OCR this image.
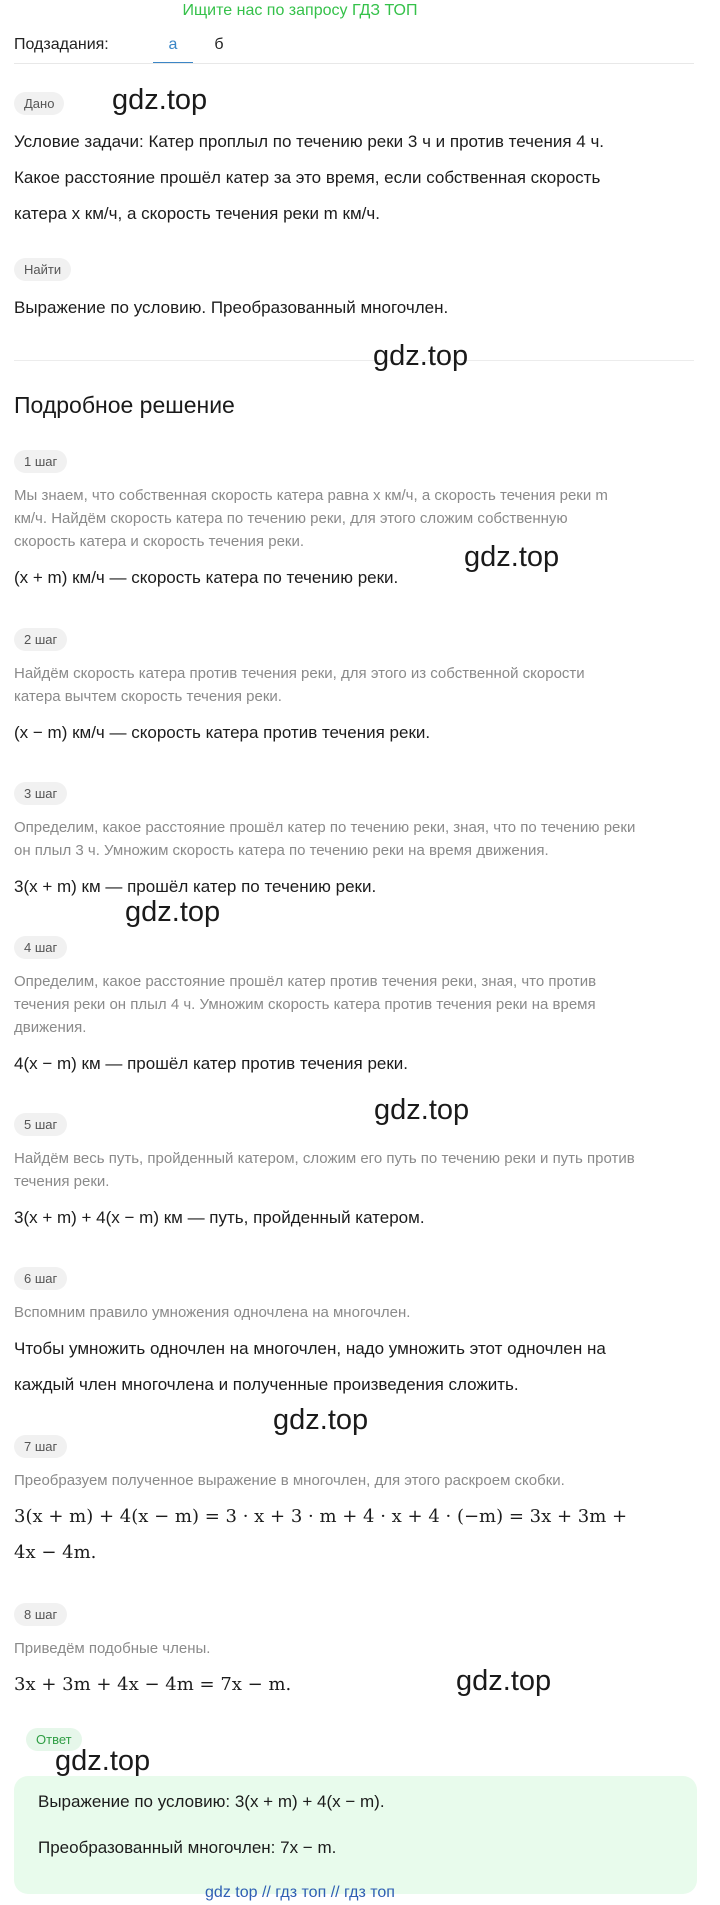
Ищите нас по запросу ГДЗ ТОП
Подзадания:	а	б
Дано
Условие задачи: Катер проплыл по течению реки 3 ч и против течения 4 ч.
Какое расстояние прошёл катер за это время, если собственная скорость
катера x км/ч, а скорость течения реки m км/ч.
Найти
Выражение по условию. Преобразованный многочлен.
Подробное решение
1 шаг
Мы знаем, что собственная скорость катера равна x км/ч, а скорость течения реки m
км/ч. Найдём скорость катера по течению реки, для этого сложим собственную
скорость катера и скорость течения реки.
(x + m) км/ч — скорость катера по течению реки.
2 шаг
Найдём скорость катера против течения реки, для этого из собственной скорости
катера вычтем скорость течения реки.
(x − m) км/ч — скорость катера против течения реки.
3 шаг
Определим, какое расстояние прошёл катер по течению реки, зная, что по течению реки
он плыл 3 ч. Умножим скорость катера по течению реки на время движения.
3(x + m) км — прошёл катер по течению реки.
4 шаг
Определим, какое расстояние прошёл катер против течения реки, зная, что против
течения реки он плыл 4 ч. Умножим скорость катера против течения реки на время
движения.
4(x − m) км — прошёл катер против течения реки.
5 шаг
Найдём весь путь, пройденный катером, сложим его путь по течению реки и путь против
течения реки.
3(x + m) + 4(x − m) км — путь, пройденный катером.
6 шаг
Вспомним правило умножения одночлена на многочлен.
Чтобы умножить одночлен на многочлен, надо умножить этот одночлен на
каждый член многочлена и полученные произведения сложить.
7 шаг
Преобразуем полученное выражение в многочлен, для этого раскроем скобки.
3(x + m) + 4(x − m) = 3 · x + 3 · m + 4 · x + 4 · (−m) = 3x + 3m +
4x − 4m.
8 шаг
Приведём подобные члены.
3x + 3m + 4x − 4m = 7x − m.
Ответ
Выражение по условию: 3(x + m) + 4(x − m).
Преобразованный многочлен: 7x − m.
gdz.top
gdz.top
gdz.top
gdz.top
gdz.top
gdz.top
gdz.top
gdz.top
gdz top // гдз топ // гдз топ
